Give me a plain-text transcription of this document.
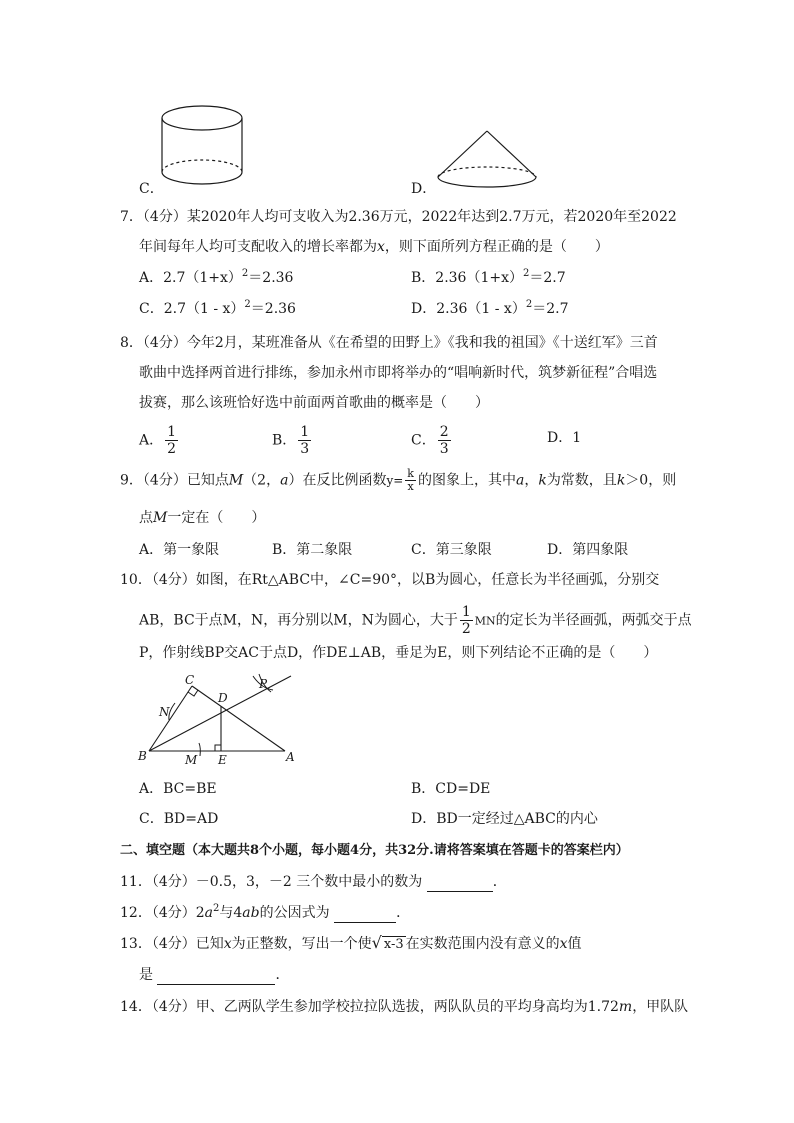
C．	D．
7．（4分）某2020年人均可支收入为2.36万元，2022年达到2.7万元，若2020年至2022
年间每年人均可支配收入的增长率都为x，则下面所列方程正确的是（　　）
A．$2.7(1+x)^2=2.36$	B．$2.36(1+x)^2=2.7$
C．2.7（1 - x）$^2$＝2.36	D．2.36（1 - x）$^2$＝2.7
8．（4分）今年2月，某班准备从《在希望的田野上》《我和我的祖国》《十送红军》三首
歌曲中选择两首进行排练，参加永州市即将举办的“唱响新时代，筑梦新征程”合唱选
拔赛，那么该班恰好选中前面两首歌曲的概率是（　　）
A． $\frac{1}{2}$	B． $\frac{1}{3}$	C． $\frac{2}{3}$	D．1
9．（4分）已知点M（2，a）在反比例函数$y= \frac{k}{x}$ 的图象上，其中a，k为常数，且k＞0，则
点M一定在（　　）
A．第一象限	B．第二象限	C．第三象限	D．第四象限
10．（4分）如图，在Rt△ABC中，∠C=90°，以B为圆心，任意长为半径画弧，分别交
AB，BC于点M，N，再分别以M，N为圆心，大于 $\frac{1}{2}$ MN的定长为半径画弧，两弧交于点
P，作射线BP交AC于点D，作DE⊥AB，垂足为E，则下列结论不正确的是（　　）
C
D
P
N
B	M E	A
A．BC=BE	B．CD=DE
C．BD=AD	D．BD一定经过△ABC的内心
二、填空题（本大题共8个小题，每小题4分，共32分.请将答案填在答题卡的答案栏内）
11．（4分）－0.5，3，－2 三个数中最小的数为	．
12．（4分）$2a^2$与4ab的公因式为	．
13．（4分）已知x为正整数，写出一个使√ x-3 在实数范围内没有意义的x值
是	．
14．（4分）甲、乙两队学生参加学校拉拉队选拔，两队队员的平均身高均为1.72m，甲队队
